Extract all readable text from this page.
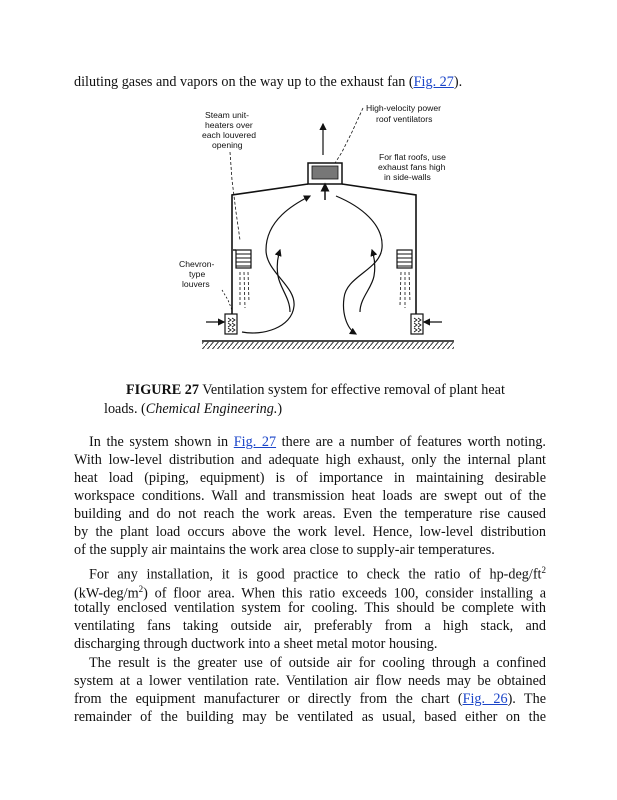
diluting gases and vapors on the way up to the exhaust fan (Fig. 27).
Steam unit-
heaters over
each louvered
opening
High-velocity power
roof ventilators
For flat roofs, use
exhaust fans high
in side-walls
Chevron-
type
louvers
FIGURE 27 Ventilation system for effective removal of plant heat
loads. (Chemical Engineering.)
In the system shown in Fig. 27 there are a number of features worth noting.
With low-level distribution and adequate high exhaust, only the internal plant
heat load (piping, equipment) is of importance in maintaining desirable
workspace conditions. Wall and transmission heat loads are swept out of the
building and do not reach the work areas. Even the temperature rise caused
by the plant load occurs above the work level. Hence, low-level distribution
of the supply air maintains the work area close to supply-air temperatures.
For any installation, it is good practice to check the ratio of $hp-deg/ft^2$
$(kW-deg/m^2)$ of floor area. When this ratio exceeds 100, consider installing a
totally enclosed ventilation system for cooling. This should be complete with
ventilating fans taking outside air, preferably from a high stack, and
discharging through ductwork into a sheet metal motor housing.
The result is the greater use of outside air for cooling through a confined
system at a lower ventilation rate. Ventilation air flow needs may be obtained
from the equipment manufacturer or directly from the chart (Fig. 26). The
remainder of the building may be ventilated as usual, based either on the
